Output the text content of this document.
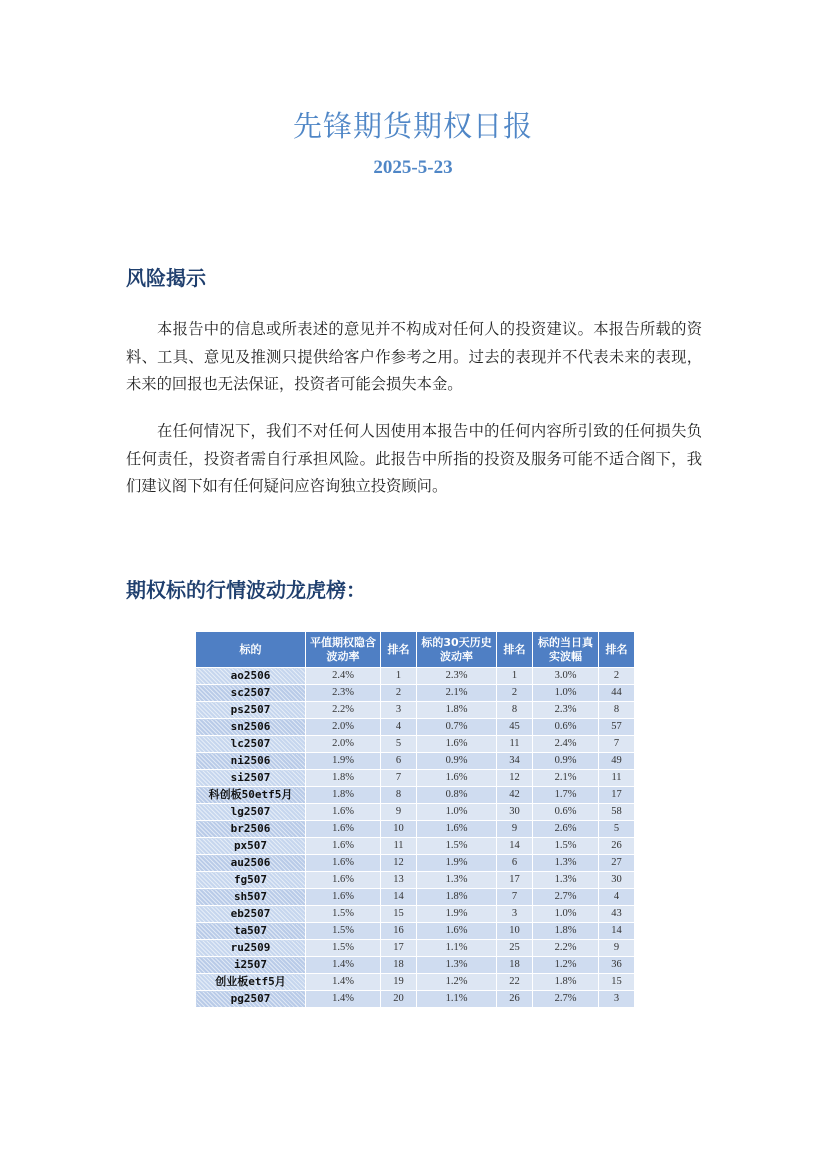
先锋期货期权日报
2025-5-23
风险揭示
本报告中的信息或所表述的意见并不构成对任何人的投资建议。本报告所载的资料、工具、意见及推测只提供给客户作参考之用。过去的表现并不代表未来的表现，未来的回报也无法保证，投资者可能会损失本金。
在任何情况下，我们不对任何人因使用本报告中的任何内容所引致的任何损失负任何责任，投资者需自行承担风险。此报告中所指的投资及服务可能不适合阁下，我们建议阁下如有任何疑问应咨询独立投资顾问。
期权标的行情波动龙虎榜：
标的	平值期权隐含波动率	排名	标的30天历史波动率	排名	标的当日真实波幅	排名
ao2506	2.4%	1	2.3%	1	3.0%	2
sc2507	2.3%	2	2.1%	2	1.0%	44
ps2507	2.2%	3	1.8%	8	2.3%	8
sn2506	2.0%	4	0.7%	45	0.6%	57
lc2507	2.0%	5	1.6%	11	2.4%	7
ni2506	1.9%	6	0.9%	34	0.9%	49
si2507	1.8%	7	1.6%	12	2.1%	11
科创板50etf5月	1.8%	8	0.8%	42	1.7%	17
lg2507	1.6%	9	1.0%	30	0.6%	58
br2506	1.6%	10	1.6%	9	2.6%	5
px507	1.6%	11	1.5%	14	1.5%	26
au2506	1.6%	12	1.9%	6	1.3%	27
fg507	1.6%	13	1.3%	17	1.3%	30
sh507	1.6%	14	1.8%	7	2.7%	4
eb2507	1.5%	15	1.9%	3	1.0%	43
ta507	1.5%	16	1.6%	10	1.8%	14
ru2509	1.5%	17	1.1%	25	2.2%	9
i2507	1.4%	18	1.3%	18	1.2%	36
创业板etf5月	1.4%	19	1.2%	22	1.8%	15
pg2507	1.4%	20	1.1%	26	2.7%	3
